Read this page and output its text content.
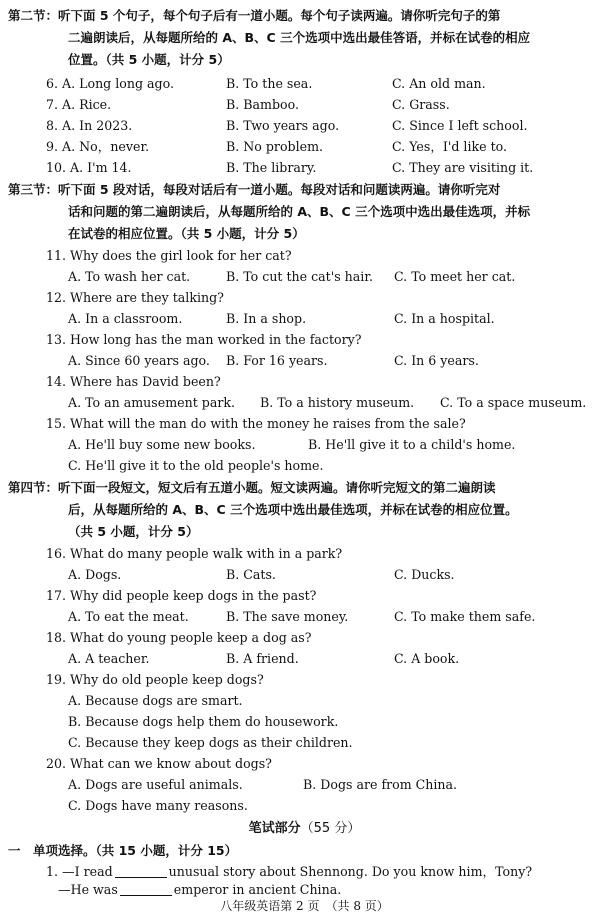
第二节：听下面 5 个句子，每个句子后有一道小题。每个句子读两遍。请你听完句子的第
二遍朗读后，从每题所给的 A、B、C 三个选项中选出最佳答语，并标在试卷的相应
位置。（共 5 小题，计分 5）
6. A. Long long ago.	B. To the sea.	C. An old man.
7. A. Rice.	B. Bamboo.	C. Grass.
8. A. In 2023.	B. Two years ago.	C. Since I left school.
9. A. No，never.	B. No problem.	C. Yes，I'd like to.
10. A. I'm 14.	B. The library.	C. They are visiting it.
第三节：听下面 5 段对话，每段对话后有一道小题。每段对话和问题读两遍。请你听完对
话和问题的第二遍朗读后，从每题所给的 A、B、C 三个选项中选出最佳选项，并标
在试卷的相应位置。（共 5 小题，计分 5）
11. Why does the girl look for her cat?
A. To wash her cat.	B. To cut the cat's hair. C. To meet her cat.
12. Where are they talking?
A. In a classroom.	B. In a shop.	C. In a hospital.
13. How long has the man worked in the factory?
A. Since 60 years ago. B. For 16 years.	C. In 6 years.
14. Where has David been?
A. To an amusement park. B. To a history museum. C. To a space museum.
15. What will the man do with the money he raises from the sale?
A. He'll buy some new books.	B. He'll give it to a child's home.
C. He'll give it to the old people's home.
第四节：听下面一段短文，短文后有五道小题。短文读两遍。请你听完短文的第二遍朗读
后，从每题所给的 A、B、C 三个选项中选出最佳选项，并标在试卷的相应位置。
（共 5 小题，计分 5）
16. What do many people walk with in a park?
A. Dogs.	B. Cats.	C. Ducks.
17. Why did people keep dogs in the past?
A. To eat the meat.	B. The save money.	C. To make them safe.
18. What do young people keep a dog as?
A. A teacher.	B. A friend.	C. A book.
19. Why do old people keep dogs?
A. Because dogs are smart.
B. Because dogs help them do housework.
C. Because they keep dogs as their children.
20. What can we know about dogs?
A. Dogs are useful animals.	B. Dogs are from China.
C. Dogs have many reasons.
笔试部分（55 分）
一　单项选择。（共 15 小题，计分 15）
1. —I read	unusual story about Shennong. Do you know him，Tony?
—He was	emperor in ancient China.
八年级英语第 2 页　（共 8 页）
